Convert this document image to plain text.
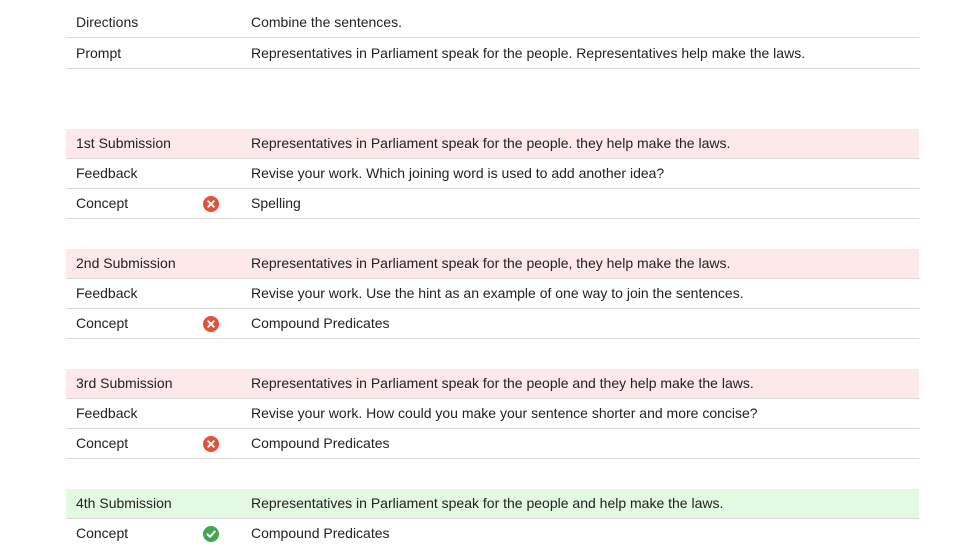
Directions	Combine the sentences.
Prompt	Representatives in Parliament speak for the people. Representatives help make the laws.
1st Submission	Representatives in Parliament speak for the people. they help make the laws.
Feedback	Revise your work. Which joining word is used to add another idea?
Concept	Spelling
2nd Submission	Representatives in Parliament speak for the people, they help make the laws.
Feedback	Revise your work. Use the hint as an example of one way to join the sentences.
Concept	Compound Predicates
3rd Submission	Representatives in Parliament speak for the people and they help make the laws.
Feedback	Revise your work. How could you make your sentence shorter and more concise?
Concept	Compound Predicates
4th Submission	Representatives in Parliament speak for the people and help make the laws.
Concept	Compound Predicates
